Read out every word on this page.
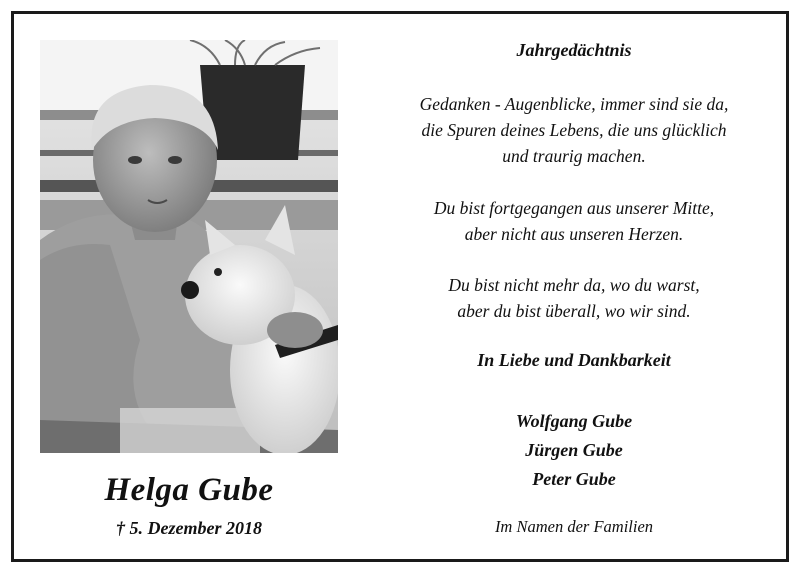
Helga Gube
† 5. Dezember 2018
Jahrgedächtnis
Gedanken - Augenblicke, immer sind sie da,
die Spuren deines Lebens, die uns glücklich
und traurig machen.
Du bist fortgegangen aus unserer Mitte,
aber nicht aus unseren Herzen.
Du bist nicht mehr da, wo du warst,
aber du bist überall, wo wir sind.
In Liebe und Dankbarkeit
Wolfgang Gube
Jürgen Gube
Peter Gube
Im Namen der Familien
